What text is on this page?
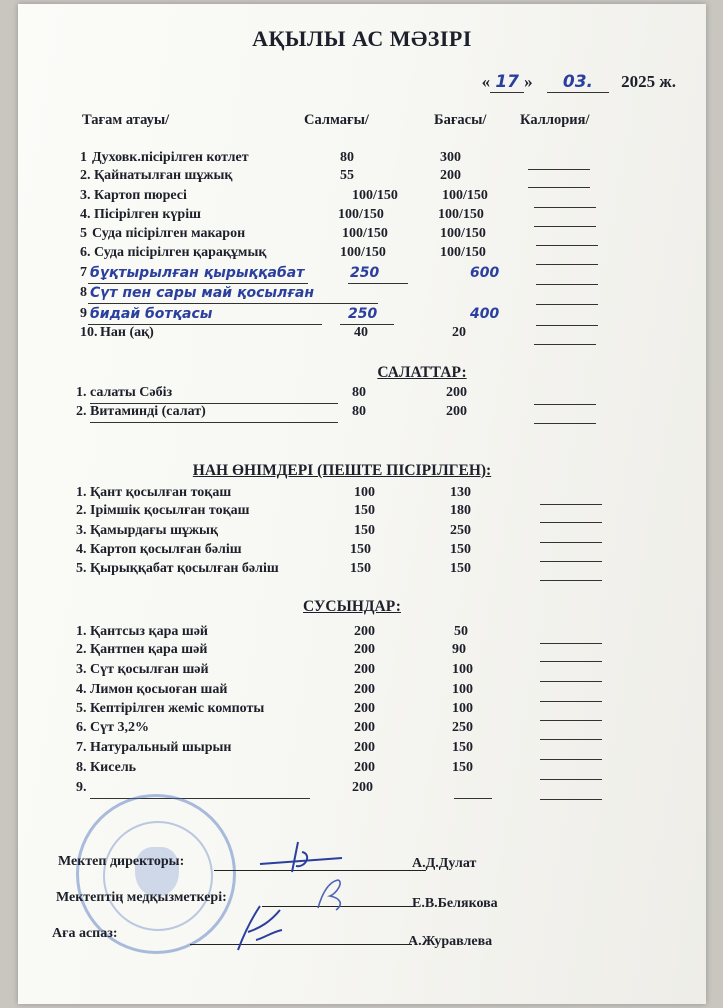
АҚЫЛЫ АС МӘЗІРІ
« 17 » 03. 2025 ж.
Тағам атауы/	Салмағы/	Бағасы/ Каллория/
1 Духовк.пісірілген котлет	80	300
2. Қайнатылған шұжық	55	200
3. Картоп пюресі	100/150	100/150
4. Пісірілген күріш	100/150	100/150
5 Суда пісірілген макарон	100/150	100/150
6. Суда пісірілген қарақұмық	100/150	100/150
7 бұқтырылған қырыққабат	250	600
8 Сүт пен сары май қосылған
9 бидай ботқасы	250	400
10. Нан (ақ)	40	20
САЛАТТАР:
1. салаты Сәбіз	80	200
2. Витаминді (салат)	80	200
НАН ӨНІМДЕРІ (ПЕШТЕ ПІСІРІЛГЕН):
1. Қант қосылған тоқаш	100	130
2. Ірімшік қосылған тоқаш	150	180
3. Қамырдағы шұжық	150	250
4. Картоп қосылған бәліш	150	150
5. Қырыққабат қосылған бәліш	150	150
СУСЫНДАР:
1. Қантсыз қара шәй	200	50
2. Қантпен қара шәй	200	90
3. Сүт қосылған шәй	200	100
4. Лимон қосыоған шай	200	100
5. Кептірілген жеміс компоты	200	100
6. Сүт 3,2%	200	250
7. Натуральный шырын	200	150
8. Кисель	200	150
9.	200
Мектеп директоры:	А.Д.Дулат
Мектептің медқызметкері:	Е.В.Белякова
Аға аспаз:
А.Журавлева
